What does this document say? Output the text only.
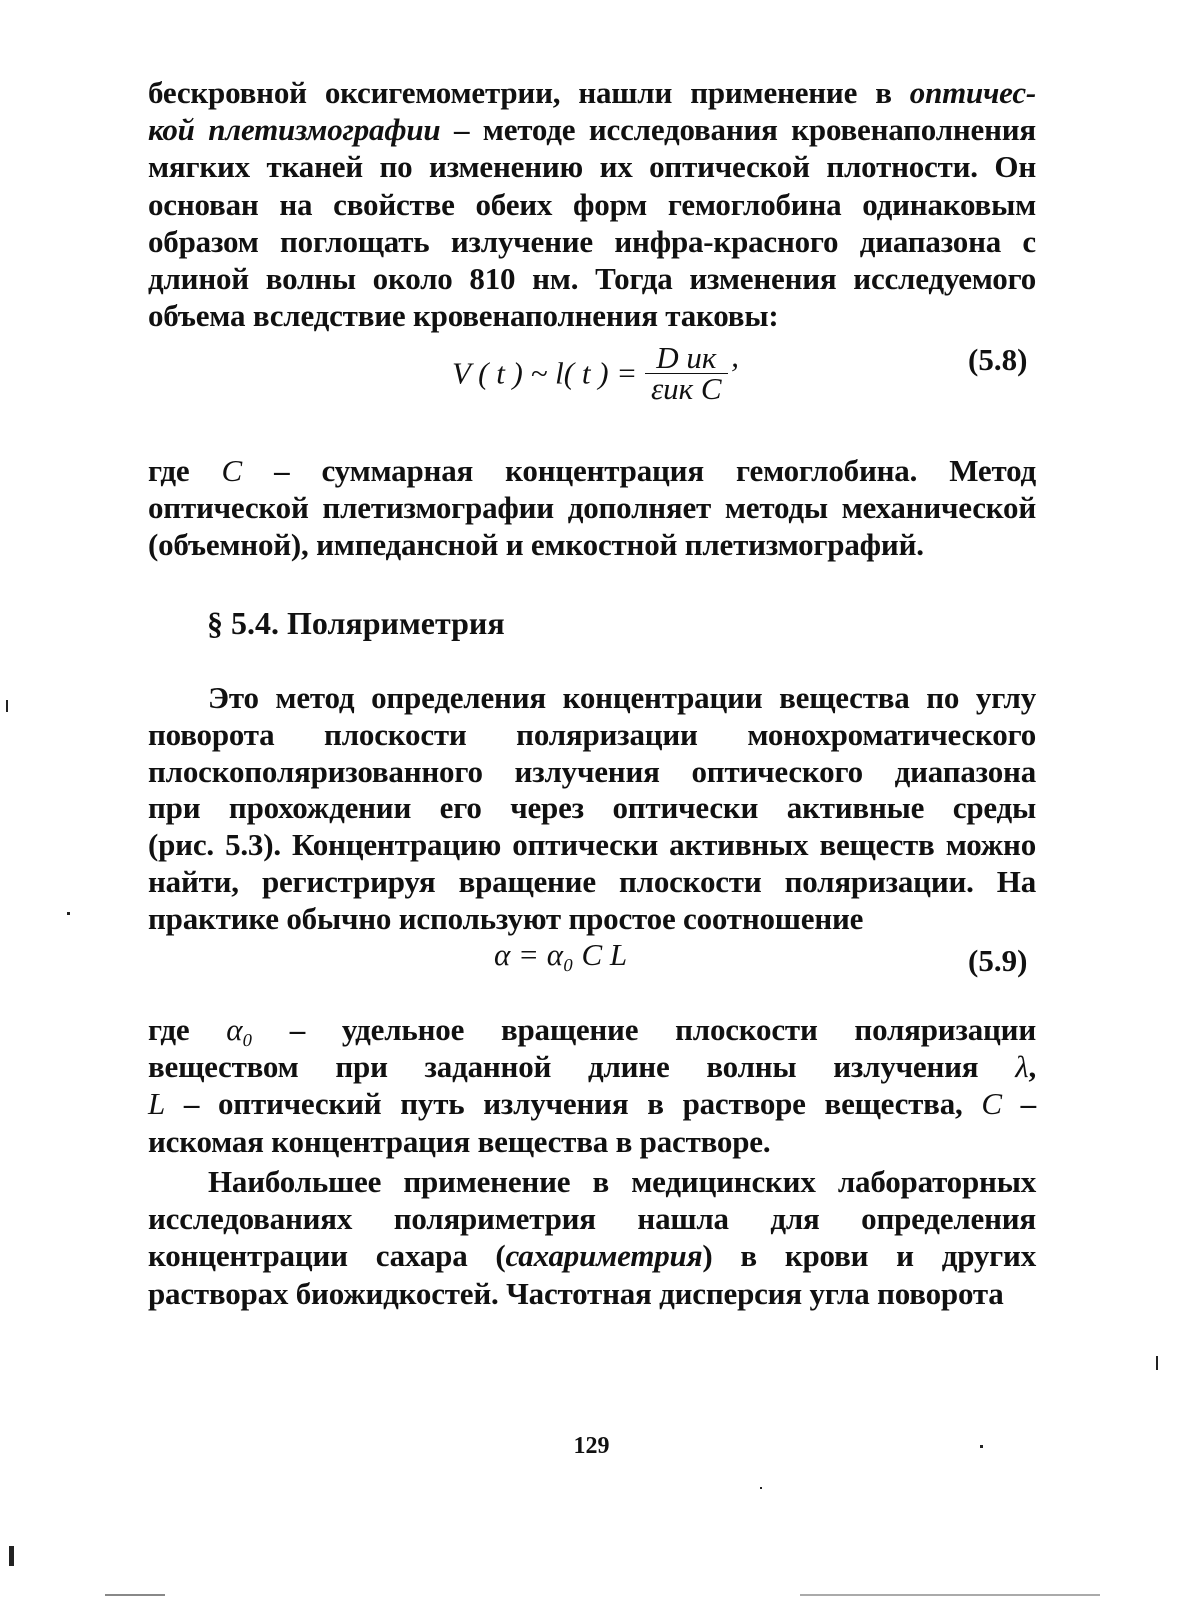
бескровной оксигемометрии, нашли применение в оптичес-
кой плетизмографии – методе исследования кровенаполнения
мягких тканей по изменению их оптической плотности. Он
основан на свойстве обеих форм гемоглобина одинаковым
образом поглощать излучение инфра-красного диапазона с
длиной волны около 810 нм. Тогда изменения исследуемого
объема вследствие кровенаполнения таковы:
V ( t ) ~ l( t ) = $\frac{\text{D ик}}{\text{εик C}}$ ’	(5.8)
где C – суммарная концентрация гемоглобина. Метод
оптической плетизмографии дополняет методы механической
(объемной), импедансной и емкостной плетизмографий.
§ 5.4. Поляриметрия
Это метод определения концентрации вещества по углу
поворота плоскости поляризации монохроматического
плоскополяризованного излучения оптического диапазона
при прохождении его через оптически активные среды
(рис. 5.3). Концентрацию оптически активных веществ можно
найти, регистрируя вращение плоскости поляризации. На
практике обычно используют простое соотношение
α = α₀ C L	(5.9)
где α₀ – удельное вращение плоскости поляризации
веществом при заданной длине волны излучения λ,
L – оптический путь излучения в растворе вещества, C –
искомая концентрация вещества в растворе.
Наибольшее применение в медицинских лабораторных
исследованиях поляриметрия нашла для определения
концентрации сахара (сахариметрия) в крови и других
растворах биожидкостей. Частотная дисперсия угла поворота
129
